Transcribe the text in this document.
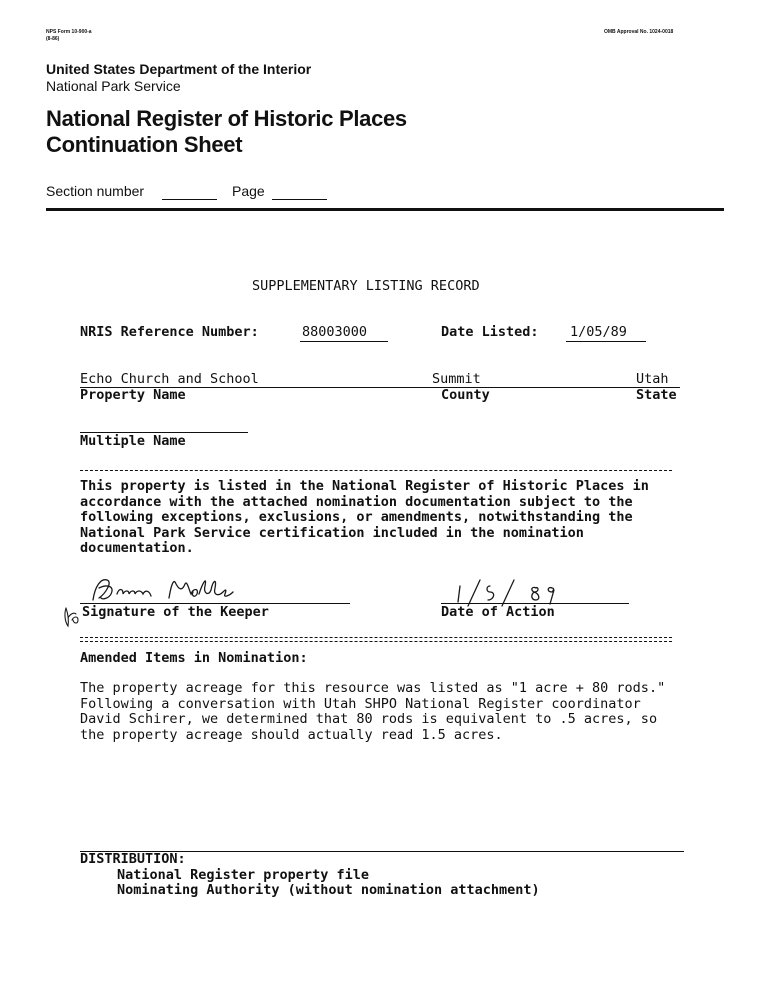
NPS Form 10-900-a
(8-86)
OMB Approval No. 1024-0018
United States Department of the Interior
National Park Service
National Register of Historic Places
Continuation Sheet
Section number	Page
SUPPLEMENTARY LISTING RECORD
NRIS Reference Number:	88003000	Date Listed: 1/05/89
Echo Church and School	Summit	Utah
Property Name	County	State
Multiple Name
This property is listed in the National Register of Historic Places in accordance with the attached nomination documentation subject to the following exceptions, exclusions, or amendments, notwithstanding the National Park Service certification included in the nomination documentation.
Signature of the Keeper	Date of Action
Amended Items in Nomination:
The property acreage for this resource was listed as "1 acre + 80 rods." Following a conversation with Utah SHPO National Register coordinator David Schirer, we determined that 80 rods is equivalent to .5 acres, so the property acreage should actually read 1.5 acres.
DISTRIBUTION:
National Register property file
Nominating Authority (without nomination attachment)
